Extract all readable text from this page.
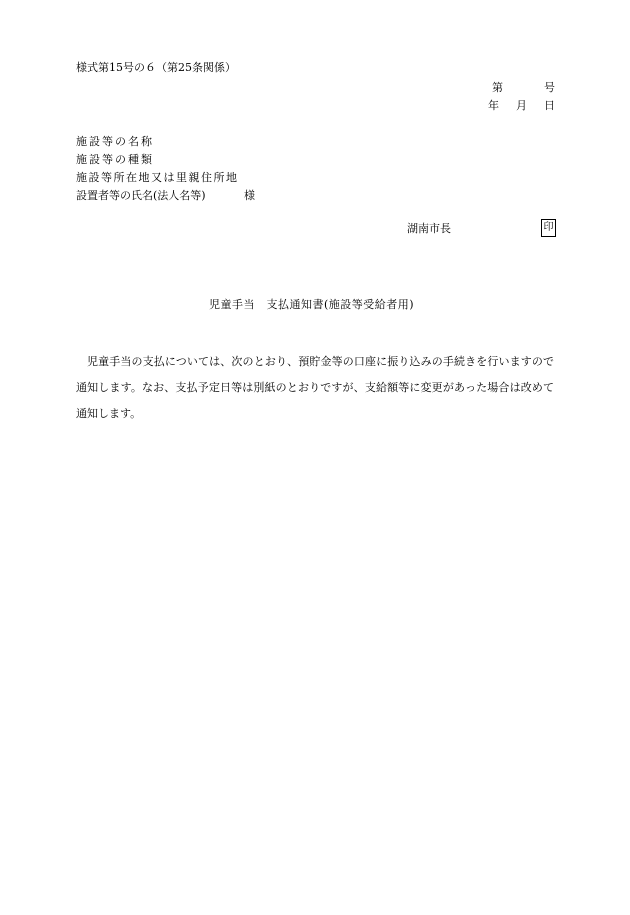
様式第15号の６（第25条関係）
第	号
年 月 日
施設等の名称
施設等の種類
施設等所在地又は里親住所地
設置者等の氏名(法人名等)	様
湖南市長	印
児童手当　支払通知書(施設等受給者用)

児童手当の支払については、次のとおり、預貯金等の口座に振り込みの手続きを行いますので通知します。なお、支払予定日等は別紙のとおりですが、支給額等に変更があった場合は改めて通知します。
